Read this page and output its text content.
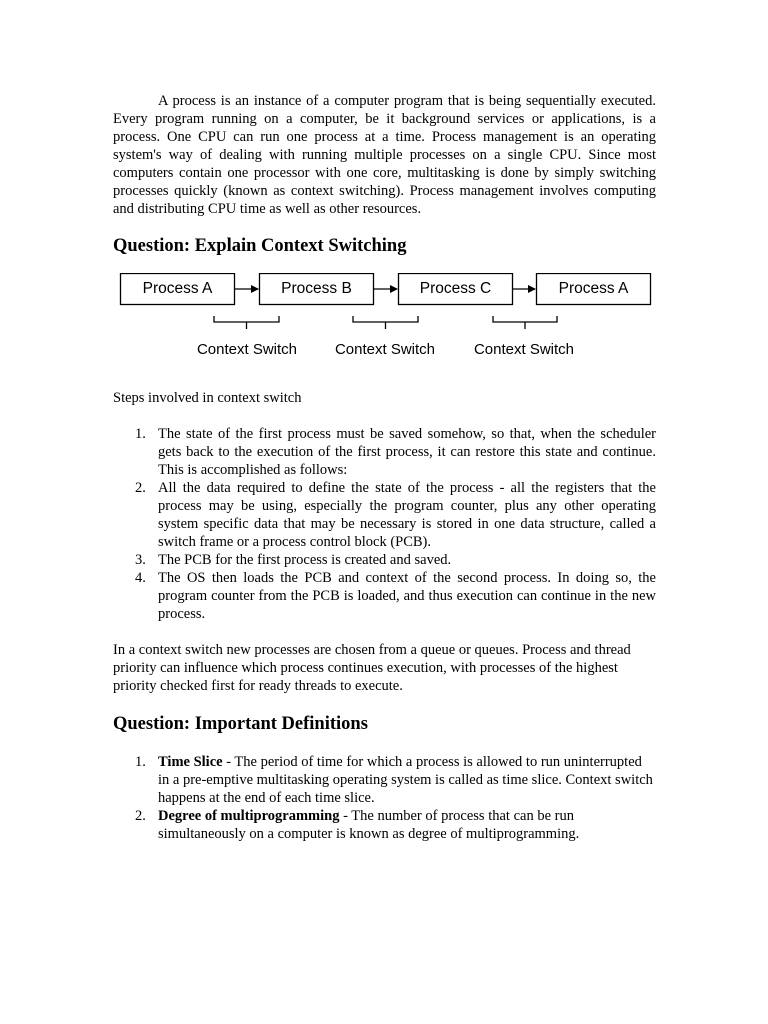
A process is an instance of a computer program that is being sequentially executed. Every program running on a computer, be it background services or applications, is a process. One CPU can run one process at a time. Process management is an operating system's way of dealing with running multiple processes on a single CPU. Since most computers contain one processor with one core, multitasking is done by simply switching processes quickly (known as context switching). Process management involves computing and distributing CPU time as well as other resources.

Question: Explain Context Switching
Process A	Process B	Process C	Process A
Context Switch	Context Switch	Context Switch

Steps involved in context switch

1. The state of the first process must be saved somehow, so that, when the scheduler gets back to the execution of the first process, it can restore this state and continue. This is accomplished as follows:
2. All the data required to define the state of the process - all the registers that the process may be using, especially the program counter, plus any other operating system specific data that may be necessary is stored in one data structure, called a switch frame or a process control block (PCB).
3. The PCB for the first process is created and saved.
4. The OS then loads the PCB and context of the second process. In doing so, the program counter from the PCB is loaded, and thus execution can continue in the new process.

In a context switch new processes are chosen from a queue or queues. Process and thread priority can influence which process continues execution, with processes of the highest priority checked first for ready threads to execute.

Question: Important Definitions
1. Time Slice - The period of time for which a process is allowed to run uninterrupted in a pre-emptive multitasking operating system is called as time slice. Context switch happens at the end of each time slice.
2. Degree of multiprogramming - The number of process that can be run simultaneously on a computer is known as degree of multiprogramming.
